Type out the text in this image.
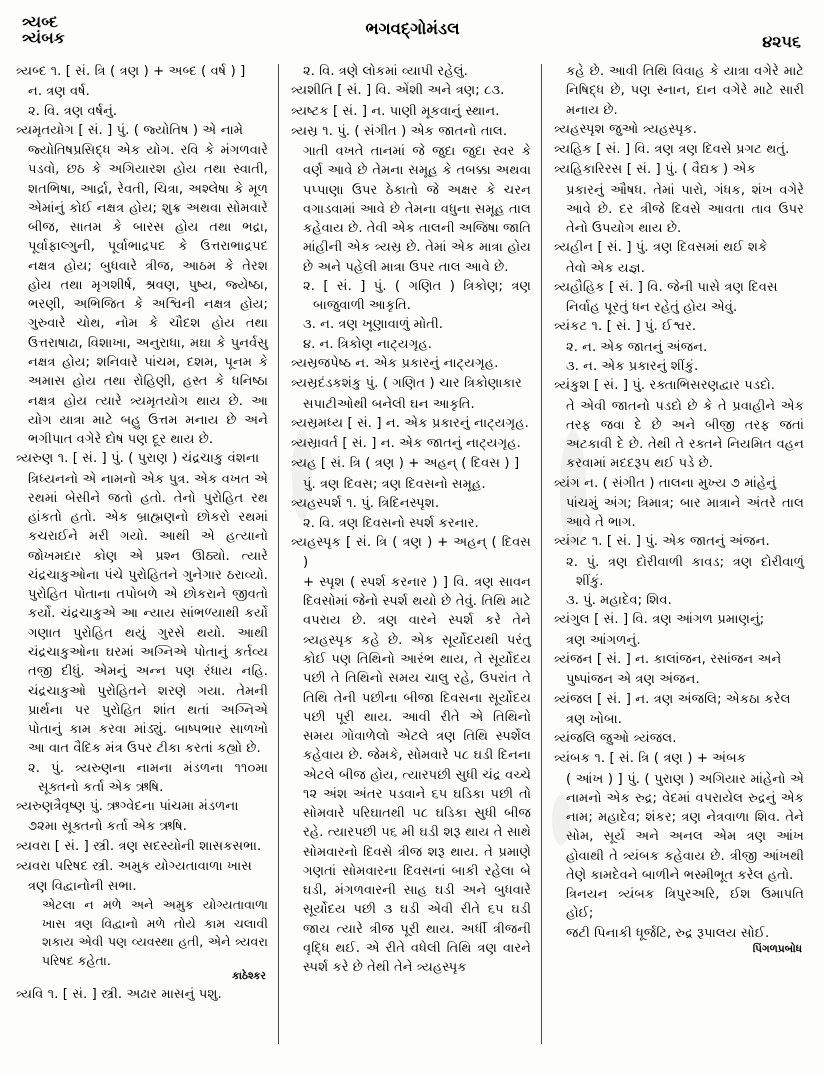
ત્ર્યબ્દ
ત્ર્યંબક
ભગવદ્ગોમંડલ
૪૨૫૬

ત્ર્યબ્દ ૧. [ સં. ત્રિ ( ત્રણ ) + અબ્દ ( વર્ષ ) ]

ન. ત્રણ વર્ષ.

૨. વિ. ત્રણ વર્ષનું.

ત્ર્યમૃતયોગ [ સં. ] પું. ( જ્યોતિષ ) એ નામે

જ્યોતિષપ્રસિદ્ધ એક યોગ. રવિ કે મંગળવારે પડવો, છઠ કે અગિયારશ હોય તથા સ્વાતી, શતભિષા, આર્દ્રા, રેવતી, ચિત્રા, અશ્લેષા કે મૂળ એમાંનું કોઈ નક્ષત્ર હોય; શુક્ર અથવા સોમવારે બીજ, સાતમ કે બારસ હોય તથા ભદ્રા, પૂર્વાફાલ્ગુની, પૂર્વાભાદ્રપદ કે ઉત્તરાભાદ્રપદ નક્ષત્ર હોય; બુધવારે ત્રીજ, આઠમ કે તેરશ હોય તથા મૃગશીર્ષ, શ્રવણ, પુષ્ય, જ્યેષ્ઠા, ભરણી, અભિજિત કે અશ્વિની નક્ષત્ર હોય; ગુરુવારે ચોથ, નોમ કે ચૌદશ હોય તથા ઉત્તરાષાઢા, વિશાખા, અનુરાધા, મઘા કે પુનર્વસુ નક્ષત્ર હોય; શનિવારે પાંચમ, દશમ, પૂનમ કે અમાસ હોય તથા રોહિણી, હસ્ત કે ધનિષ્ઠા નક્ષત્ર હોય ત્યારે ત્ર્યમૃતયોગ થાય છે. આ યોગ યાત્રા માટે બહુ ઉત્તમ મનાય છે અને ભગીપાત વગેરે દોષ પણ દૂર થાય છે.

ત્ર્યરુણ ૧. [ સં. ] પું. ( પુરાણ ) ચંદ્રચાકુ વંશના

ત્રિધ્યનનો એ નામનો એક પુત્ર. એક વખત એ રથમાં બેસીને જતો હતો. તેનો પુરોહિત રથ હાંકતો હતો. એક બ્રાહ્મણનો છોકરો રથમાં કચરાઈને મરી ગયો. આથી એ હત્યાનો જોખમદાર કોણ એ પ્રશ્ન ઊઠ્યો. ત્યારે ચંદ્રચાકુઓના પંચે પુરોહિતને ગુનેગાર ઠરાવ્યો. પુરોહિત પોતાના તપોબળે એ છોકરાને જીવતો કર્યો. ચંદ્રચાકુએ આ ન્યાય સાંભળ્યાથી કર્યો ગણાત પુરોહિત થયું ગુરસે થયો. આથી ચંદ્રચાકુઓના ઘરમાં અગ્નિએ પોતાનું કર્તવ્ય તજી દીધું. એમનું અન્ન પણ રંધાય નહિ. ચંદ્રચાકુઓ પુરોહિતને શરણે ગયા. તેમની પ્રાર્થના પર પુરોહિત શાંત થતાં અગ્નિએ પોતાનું કામ કરવા માંડ્યું. બાષ્પભાર સાળખો આ વાત વૈદિક મંત્ર ઉપર ટીકા કરતાં કહ્યો છે.

૨. પું. ત્ર્યરુણના નામના મંડળના ૧૧૦મા સૂક્તનો કર્તા એક ઋષિ.

ત્ર્યરુણત્રૈવૃષ્ણ પું. ઋગ્વેદના પાંચમા મંડળના

૭૨મા સૂક્તનો કર્તા એક ઋષિ.

ત્ર્યવરા [ સં. ] સ્ત્રી. ત્રણ સદસ્યોની શાસકસભા.

ત્ર્યવરા પરિષદ સ્ત્રી. અમુક યોગ્યતાવાળા ખાસ

ત્રણ વિદ્વાનોની સભા.

એટલા ન મળે અને અમુક યોગ્યતાવાળા ખાસ ત્રણ વિદ્વાનો મળે તોયે કામ ચલાવી શકાય એવી પણ વ્યવસ્થા હતી, એને ત્ર્યવરા પરિષદ કહેતા.

કાઠેશ્કર

ત્ર્યવિ ૧. [ સં. ] સ્ત્રી. અઢાર માસનું પશુ.

૨. વિ. ત્રણે લોકમાં વ્યાપી રહેલું.

ત્ર્યશીતિ [ સં. ] વિ. એંશી અને ત્રણ; ૮૩.

ત્ર્યષ્ટક [ સં. ] ન. પાણી મૂકવાનું સ્થાન.

ત્ર્યસ્ર ૧. પું. ( સંગીત ) એક જાતનો તાલ.

ગાતી વખતે તાનમાં જે જુદા જુદા સ્વર કે વર્ણ આવે છે તેમના સમૂહ કે તબક્કા અથવા પપ્પાણા ઉપર ઠેકાતો જે અક્ષર કે ચરન વગાડવામાં આવે છે તેમના વધુના સમૂહ તાલ કહેવાય છે. તેવી એક તાલની અજિષા જાતિ માંહીની એક ત્ર્યસ્ર છે. તેમાં એક માત્રા હોય છે અને પહેલી માત્રા ઉપર તાલ આવે છે.

૨. [ સં. ] પું. ( ગણિત ) ત્રિકોણ; ત્રણ બાજુવાળી આકૃતિ.

૩. ન. ત્રણ ખૂણાવાળું મોતી.

૪. ન. ત્રિકોણ નાટ્યગૃહ.

ત્ર્યસ્રજપેષ્ઠ ન. એક પ્રકારનું નાટ્યગૃહ.

ત્ર્યસ્રદંડકશંકુ પું. ( ગણિત ) ચાર ત્રિકોણાકાર

સપાટીઓથી બનેલી ઘન આકૃતિ.

ત્ર્યસ્રમધ્ય [ સં. ] ન. એક પ્રકારનું નાટ્યગૃહ.

ત્ર્યસ્રાવર્ત [ સં. ] ન. એક જાતનું નાટ્યગૃહ.

ત્ર્યહ [ સં. ત્રિ ( ત્રણ ) + અહન્ ( દિવસ ) ]

પું. ત્રણ દિવસ; ત્રણ દિવસનો સમૂહ.

ત્ર્યહસ્પર્શ ૧. પું. ત્રિદિનસ્પૃશ.

૨. વિ. ત્રણ દિવસનો સ્પર્શ કરનાર.

ત્ર્યહસ્પૃક [ સં. ત્રિ ( ત્રણ ) + અહન્ ( દિવસ )

+ સ્પૃશ ( સ્પર્શ કરનાર ) ] વિ. ત્રણ સાવન દિવસોમાં જેનો સ્પર્શ થયો છે તેવું. તિથિ માટે વપરાય છે. ત્રણ વારને સ્પર્શ કરે તેને ત્ર્યહસ્પૃક કહે છે. એક સૂર્યોદયથી પરંતુ કોઈ પણ તિથિનો આરંભ થાય, તે સૂર્યોદય પછી તે તિથિનો સમય ચાલુ રહે, ઉપરાંત તે તિથિ તેની પછીના બીજા દિવસના સૂર્યોદય પછી પૂરી થાય. આવી રીતે એ તિથિનો સમય ગોવાળેલો એટલે ત્રણ તિથિ સ્પર્શેલ કહેવાય છે. જેમકે, સોમવારે ૫૮ ઘડી દિનના એટલે બીજ હોય, ત્યારપછી સુધી ચંદ્ર વચ્ચે ૧૨ અંશ અંતર પડવાને ૬૫ ઘડિકા પછી તો સોમવારે પરિઘાતથી ૫૮ ઘડિકા સુધી બીજ રહે. ત્યારપછી ૫૬ મી ઘડી શરૂ થાય તે સાથે સોમવારનો દિવસે ત્રીજ શરૂ થાય. તે પ્રમાણે ગણતાં સોમવારના દિવસનાં બાકી રહેલા બે ઘડી, મંગળવારની સાહ ઘડી અને બુધવારે સૂર્યોદય પછી ૩ ઘડી એવી રીતે ૬૫ ઘડી જાય ત્યારે ત્રીજ પૂરી થાય. અર્ધી ત્રીજની વૃદ્ધિ થઈ. એ રીતે વધેલી તિથિ ત્રણ વારને સ્પર્શ કરે છે તેથી તેને ત્ર્યહસ્પૃક

કહે છે. આવી તિથિ વિવાહ કે યાત્રા વગેરે માટે નિષિદ્ધ છે, પણ સ્નાન, દાન વગેરે માટે સારી મનાય છે.

ત્ર્યહસ્પૃશ જુઓ ત્ર્યહસ્પૃક.

ત્ર્યહિક [ સં. ] વિ. ત્રણ ત્રણ દિવસે પ્રગટ થતું.

ત્ર્યહિકારિરસ [ સં. ] પું. ( વૈદ્યક ) એક

પ્રકારનું ઔષધ. તેમાં પારો, ગંધક, શંખ વગેરે આવે છે. દર ત્રીજે દિવસે આવતા તાવ ઉપર તેનો ઉપયોગ થાય છે.

ત્ર્યહીન [ સં. ] પું. ત્રણ દિવસમાં થઈ શકે

તેવો એક યજ્ઞ.

ત્ર્યહૌહિક [ સં. ] વિ. જેની પાસે ત્રણ દિવસ

નિર્વાહ પૂરતું ધન રહેતું હોય એવું.

ત્ર્યંકટ ૧. [ સં. ] પું. ઈશ્વર.

૨. ન. એક જાતનું અંજન.

૩. ન. એક પ્રકારનું શીંકું.

ત્ર્યંકુશ [ સં. ] પું. રક્તાભિસરણદ્વાર પડદો.

તે એવી જાતનો પડદો છે કે તે પ્રવાહીને એક તરફ જવા દે છે અને બીજી તરફ જતાં અટકાવી દે છે. તેથી તે રક્તને નિયમિત વહન કરવામાં મદદરૂપ થઈ પડે છે.

ત્ર્યંગ ન. ( સંગીત ) તાલના મુખ્ય ૭ માંહેનું

પાંચમું અંગ; ત્રિમાત્ર; બાર માત્રાને અંતરે તાલ આવે તે ભાગ.

ત્ર્યંગટ ૧. [ સં. ] પું. એક જાતનું અંજન.

૨. પું. ત્રણ દોરીવાળી કાવડ; ત્રણ દોરીવાળું શીંકું.

૩. પું. મહાદેવ; શિવ.

ત્ર્યંગુલ [ સં. ] વિ. ત્રણ આંગળ પ્રમાણનું;

ત્રણ આંગળનું.

ત્ર્યંજન [ સં. ] ન. કાલાંજન, રસાંજન અને

પુષ્પાંજન એ ત્રણ અંજન.

ત્ર્યંજલ [ સં. ] ન. ત્રણ અંજલિ; એકઠા કરેલ

ત્રણ ખોબા.

ત્ર્યંજલિ જુઓ ત્ર્યંજલ.

ત્ર્યંબક ૧. [ સં. ત્રિ ( ત્રણ ) + અંબક

( આંખ ) ] પું. ( પુરાણ ) અગિયાર માંહેનો એ નામનો એક રુદ્ર; વેદમાં વપરાયેલ રુદ્રનું એક નામ; મહાદેવ; શંકર; ત્રણ નેત્રવાળા શિવ. તેને સોમ, સૂર્ય અને અનલ એમ ત્રણ આંખ હોવાથી તે ત્ર્યંબક કહેવાય છે. ત્રીજી આંખથી તેણે કામદેવને બાળીને ભસ્મીભૂત કરેલ હતો.

ત્રિનયન ત્ર્યંબક ત્રિપુરઅરિ, ઈશ ઉમાપતિ હોઈ;

જટી પિનાકી ધૂર્જટિ, રુદ્ર રૂપાલય સોઈ.

પિંગળપ્રબોધ
